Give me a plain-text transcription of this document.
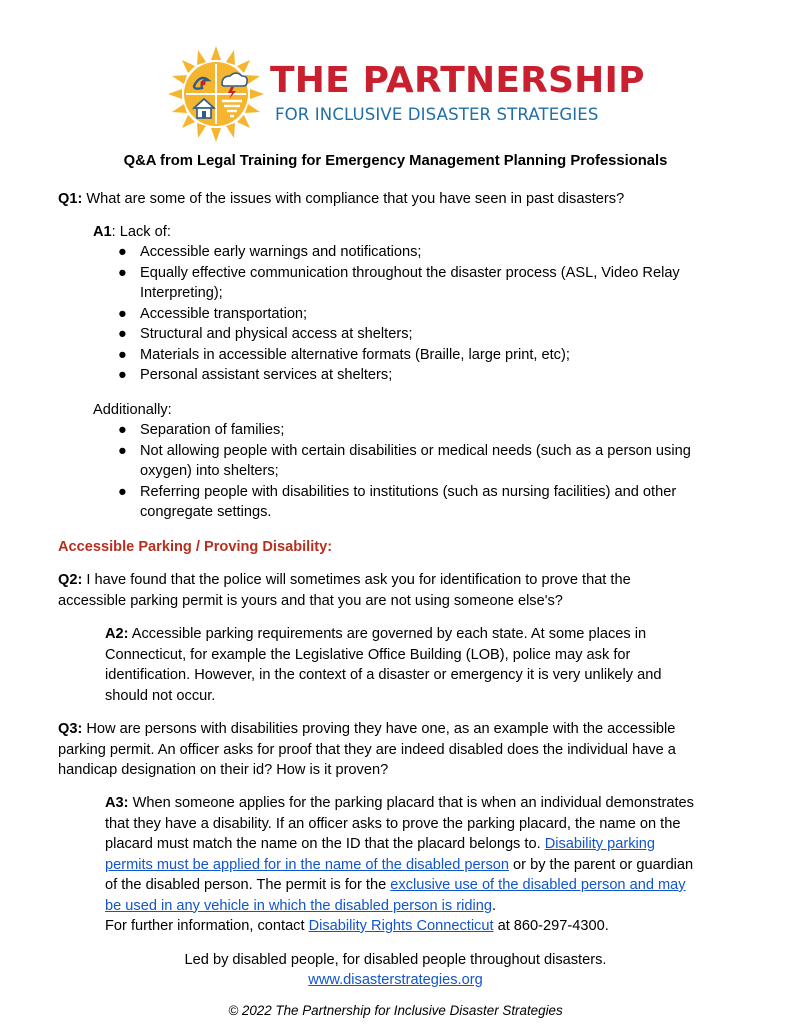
THE PARTNERSHIP
FOR INCLUSIVE DISASTER STRATEGIES
Q&A from Legal Training for Emergency Management Planning Professionals
Q1: What are some of the issues with compliance that you have seen in past disasters?
A1: Lack of:
● Accessible early warnings and notifications;
● Equally effective communication throughout the disaster process (ASL, Video Relay
Interpreting);
● Accessible transportation;
● Structural and physical access at shelters;
● Materials in accessible alternative formats (Braille, large print, etc);
● Personal assistant services at shelters;
Additionally:
● Separation of families;
● Not allowing people with certain disabilities or medical needs (such as a person using
oxygen) into shelters;
● Referring people with disabilities to institutions (such as nursing facilities) and other
congregate settings.
Accessible Parking / Proving Disability:
Q2: I have found that the police will sometimes ask you for identification to prove that the
accessible parking permit is yours and that you are not using someone else's?
A2: Accessible parking requirements are governed by each state. At some places in
Connecticut, for example the Legislative Office Building (LOB), police may ask for
identification. However, in the context of a disaster or emergency it is very unlikely and
should not occur.
Q3: How are persons with disabilities proving they have one, as an example with the accessible
parking permit. An officer asks for proof that they are indeed disabled does the individual have a
handicap designation on their id? How is it proven?
A3: When someone applies for the parking placard that is when an individual demonstrates
that they have a disability. If an officer asks to prove the parking placard, the name on the
placard must match the name on the ID that the placard belongs to. Disability parking
permits must be applied for in the name of the disabled person or by the parent or guardian
of the disabled person. The permit is for the exclusive use of the disabled person and may
be used in any vehicle in which the disabled person is riding.
For further information, contact Disability Rights Connecticut at 860-297-4300.
Led by disabled people, for disabled people throughout disasters.
www.disasterstrategies.org
© 2022 The Partnership for Inclusive Disaster Strategies
